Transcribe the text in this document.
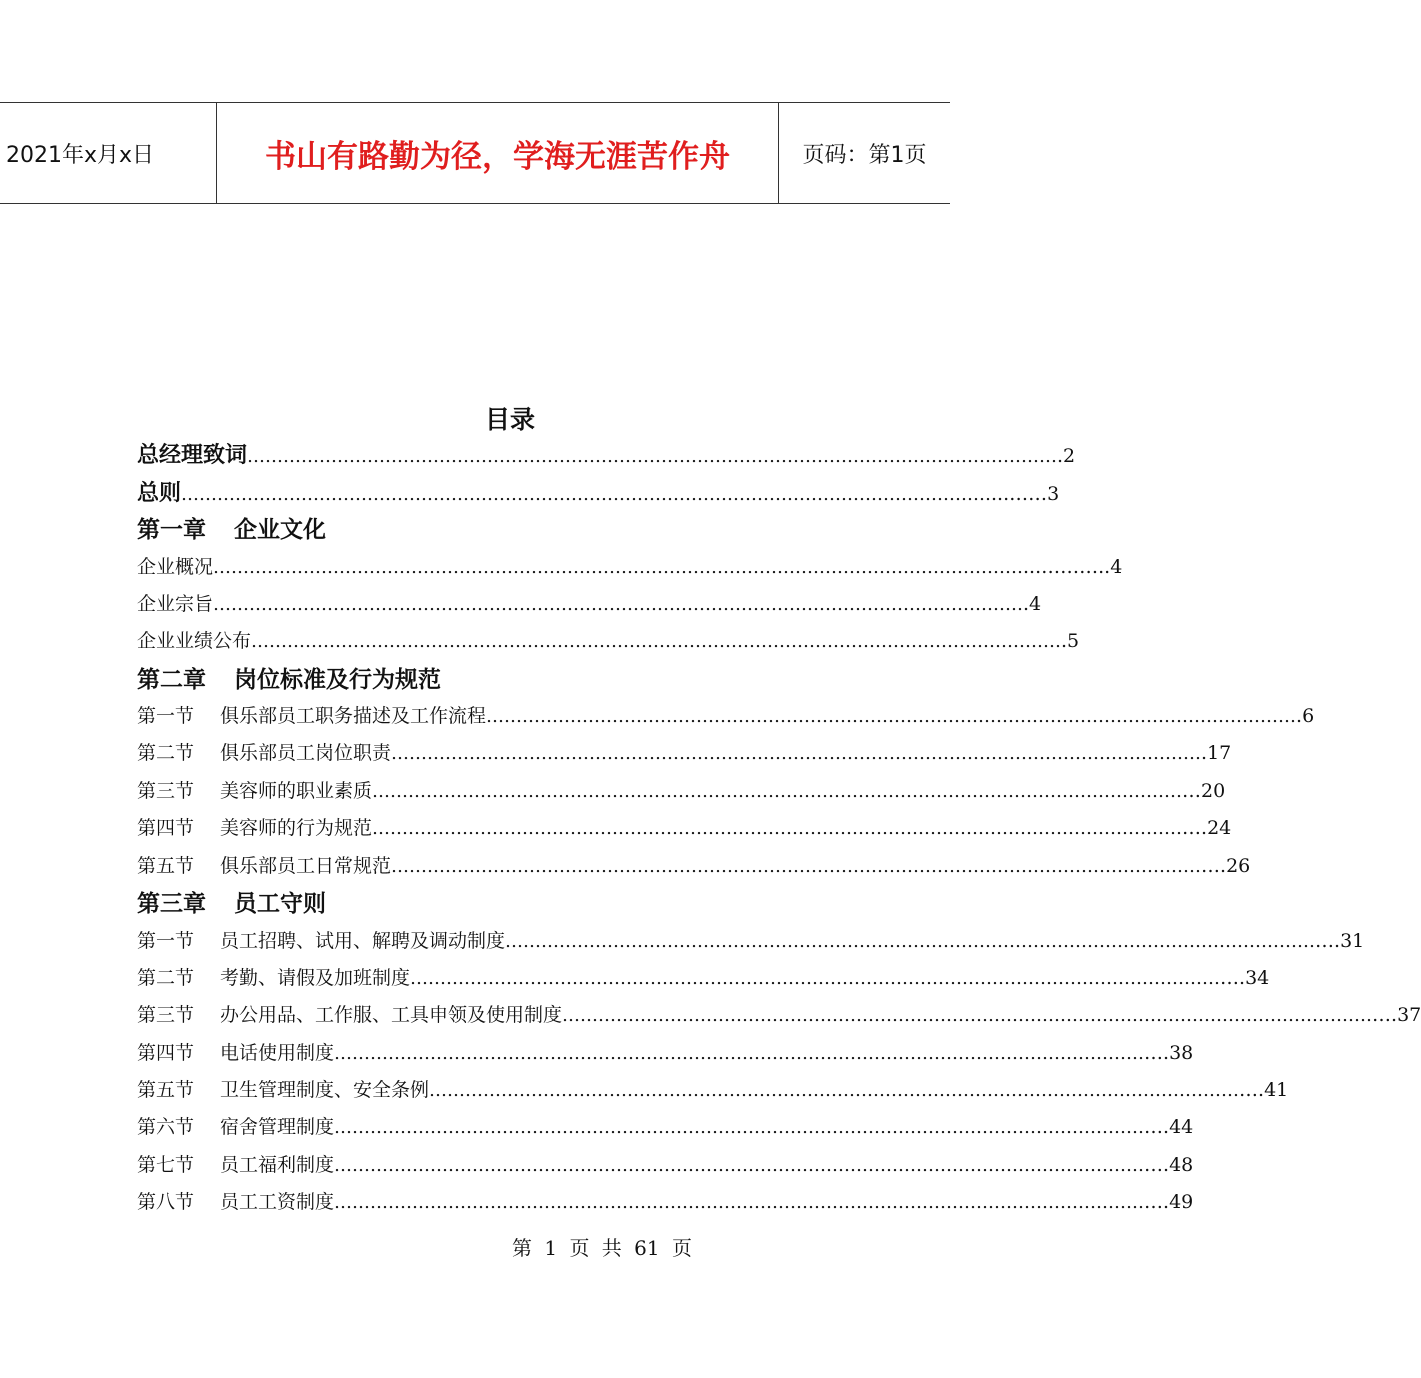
2021年x月x日	书山有路勤为径，学海无涯苦作舟	页码：第1页
目录
总经理致词 ……………………………………………………………………………………………………………………… .2
总则 ……………………………………………………………………………………………………………………… ...……3
第一章 企业文化
企业概况 ……………………………………………………………………………………………………………………… ...………..4
企业宗旨 ……………………………………………………………………………………………………………………… .4
企业业绩公布 ……………………………………………………………………………………………………………………… .5
第二章 岗位标准及行为规范
第一节 俱乐部员工职务描述及工作流程 ……………………………………………………………………………………………………………………… .6
第二节 俱乐部员工岗位职责 ……………………………………………………………………………………………………………………… .17
第三节 美容师的职业素质 ……………………………………………………………………………………………………………………… …20
第四节 美容师的行为规范 ……………………………………………………………………………………………………………………… ….24
第五节 俱乐部员工日常规范 ……………………………………………………………………………………………………………………… ….26
第三章 员工守则
第一节 员工招聘、试用、解聘及调动制度 ……………………………………………………………………………………………………………………… ….31
第二节 考勤、请假及加班制度 ……………………………………………………………………………………………………………………… ….34
第三节 办公用品、工作服、工具申领及使用制度 ……………………………………………………………………………………………………………………… ….37
第四节 电话使用制度 ……………………………………………………………………………………………………………………… ….38
第五节 卫生管理制度、安全条例 ……………………………………………………………………………………………………………………… ….41
第六节 宿舍管理制度 ……………………………………………………………………………………………………………………… ….44
第七节 员工福利制度 ……………………………………………………………………………………………………………………… ….48
第八节 员工工资制度 ……………………………………………………………………………………………………………………… ….49
第 1 页 共 61 页
